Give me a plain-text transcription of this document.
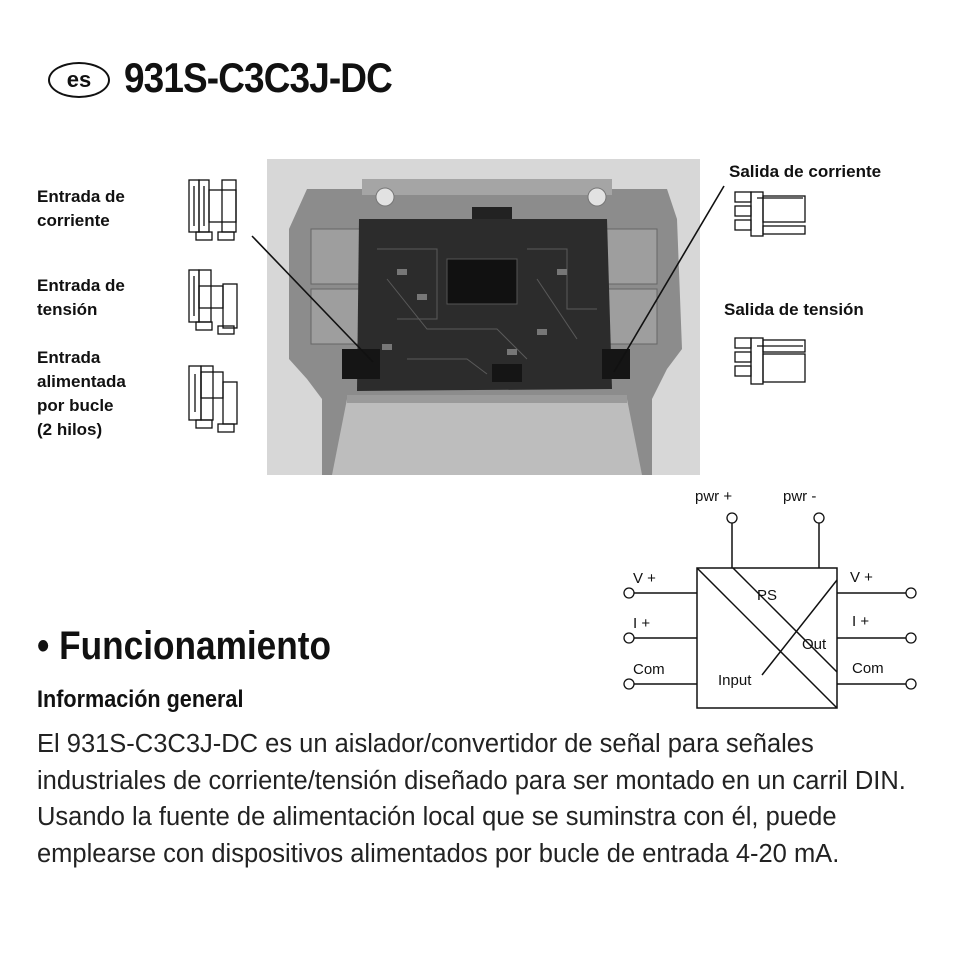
es 931S-C3C3J-DC
Entrada de
corriente
Entrada de
tensión
Entrada
alimentada
por bucle
(2 hilos)
Salida de corriente
Salida de tensión
pwr +	pwr -
V +
I +
Com
V +
I +
Com
PS
Out
Input
• Funcionamiento
Información general
El 931S-C3C3J-DC es un aislador/convertidor de señal para señales industriales de corriente/tensión diseñado para ser montado en un carril DIN. Usando la fuente de alimentación local que se suminstra con él, puede emplearse con dispositivos alimentados por bucle de entrada 4-20 mA.
